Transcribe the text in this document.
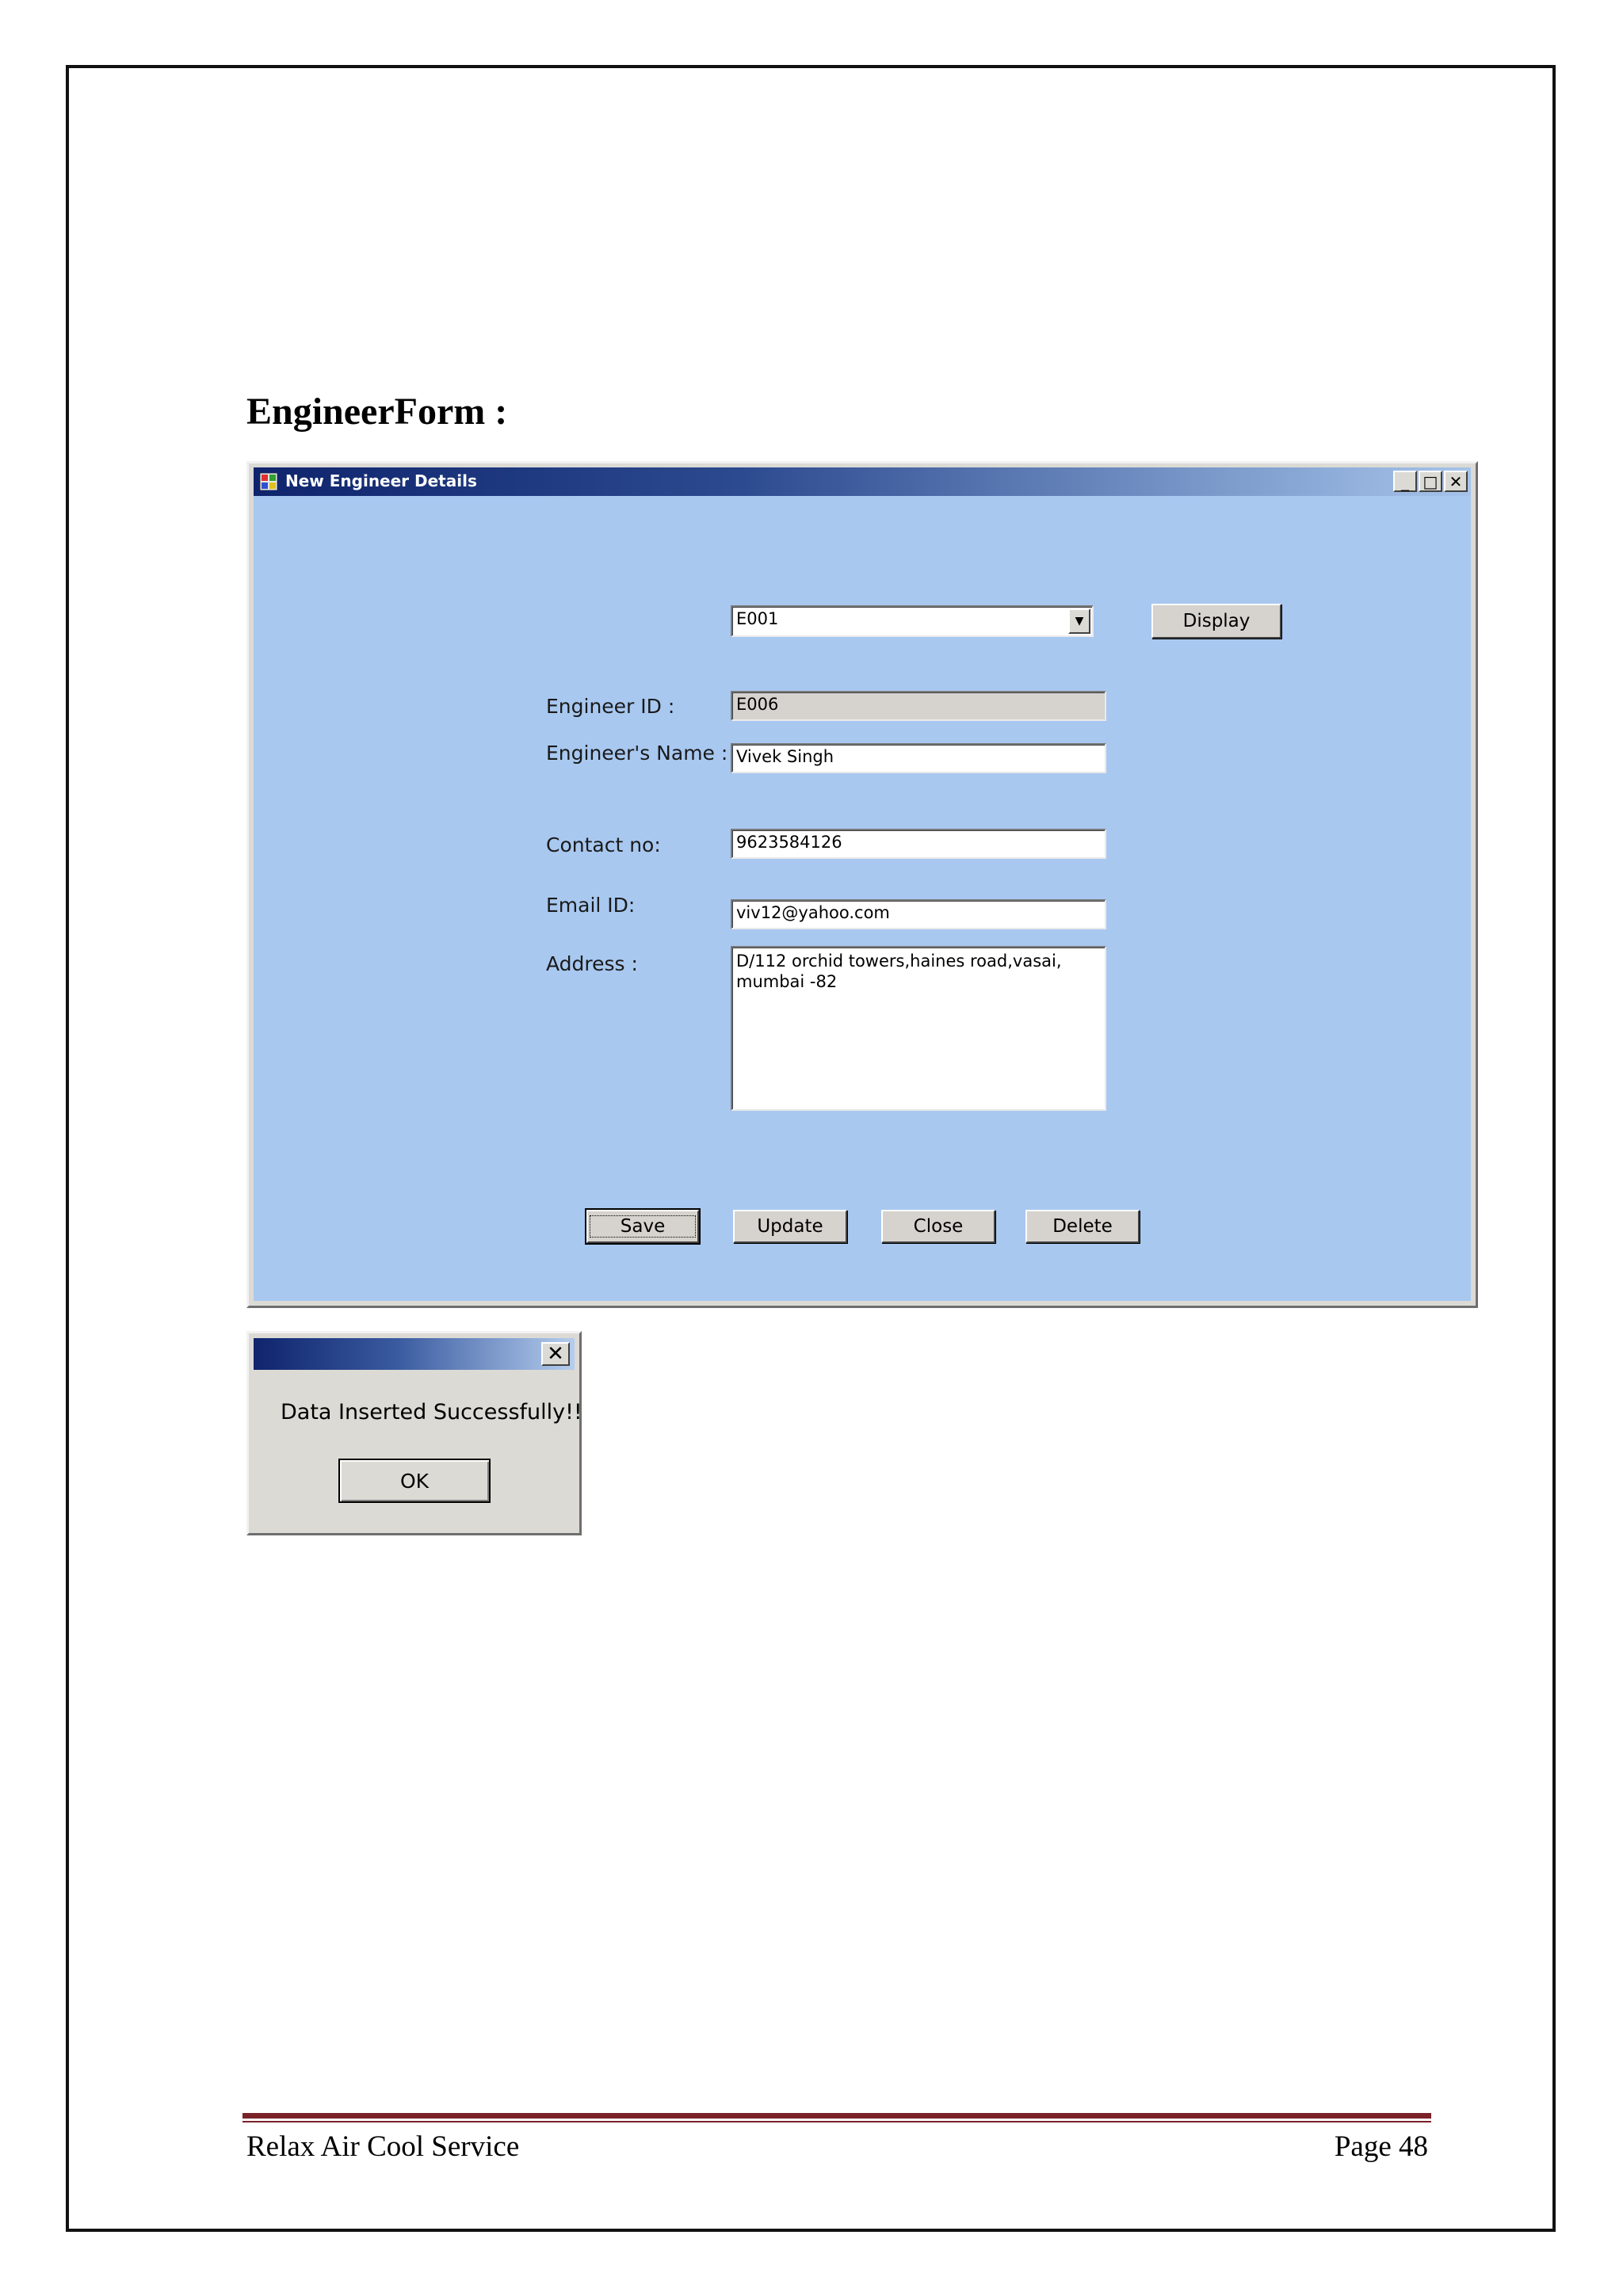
EngineerForm :
New Engineer Details	_ □ ✕
E001	▼	Display
Engineer ID :	E006
Engineer's Name : Vivek Singh
Contact no:	9623584126
Email ID:	viv12@yahoo.com
Address :	D/112 orchid towers,haines road,vasai, mumbai -82
Save	Update	Close	Delete
✕
Data Inserted Successfully!!
OK
Relax Air Cool Service	Page 48
